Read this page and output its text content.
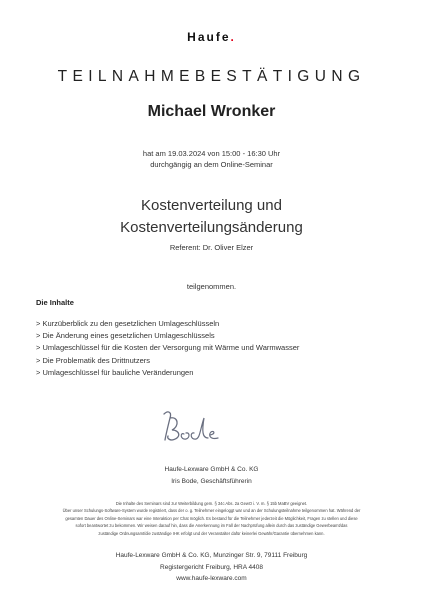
Haufe.
TEILNAHMEBESTÄTIGUNG
Michael Wronker
hat am 19.03.2024 von 15:00 - 16:30 Uhr
durchgängig an dem Online-Seminar
Kostenverteilung und
Kostenverteilungsänderung
Referent: Dr. Oliver Elzer
teilgenommen.
Die Inhalte
> Kurzüberblick zu den gesetzlichen Umlageschlüsseln
> Die Änderung eines gesetzlichen Umlageschlüssels
> Umlageschlüssel für die Kosten der Versorgung mit Wärme und Warmwasser
> Die Problematik des Drittnutzers
> Umlageschlüssel für bauliche Veränderungen
Haufe-Lexware GmbH & Co. KG
Iris Bode, Geschäftsführerin
Die Inhalte des Seminars sind zur Weiterbildung gem. § 34c Abs. 2a GewO i. V. m. § 15b MaBV geeignet.
Über unser Schulungs-Software-System wurde registriert, dass der o. g. Teilnehmer eingeloggt war und an der Schulungsteilnahme teilgenommen hat. Während der
gesamten Dauer des Online-Seminars war eine Interaktion per Chat möglich. Es bestand für die Teilnehmer jederzeit die Möglichkeit, Fragen zu stellen und diese
sofort beantwortet zu bekommen. Wir weisen darauf hin, dass die Anerkennung im Fall der Nachprüfung allein durch das zuständige Gewerbeamt/das
zuständige Ordnungsamt/die zuständige IHK erfolgt und der Veranstalter dafür keinerlei Gewähr/Garantie übernehmen kann.
Haufe-Lexware GmbH & Co. KG, Munzinger Str. 9, 79111 Freiburg
Registergericht Freiburg, HRA 4408
www.haufe-lexware.com
